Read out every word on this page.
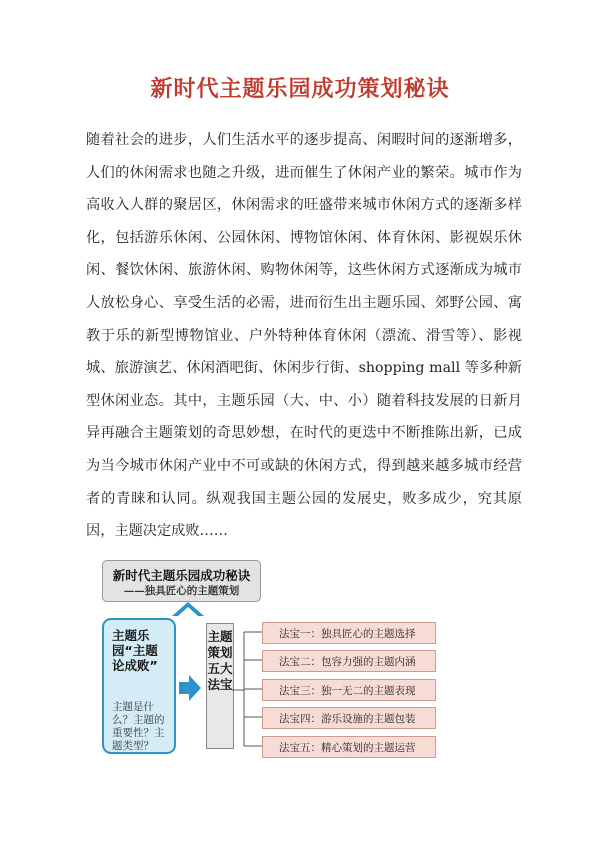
新时代主题乐园成功策划秘诀

随着社会的进步，人们生活水平的逐步提高、闲暇时间的逐渐增多，人们的休闲需求也随之升级，进而催生了休闲产业的繁荣。城市作为高收入人群的聚居区，休闲需求的旺盛带来城市休闲方式的逐渐多样化，包括游乐休闲、公园休闲、博物馆休闲、体育休闲、影视娱乐休闲、餐饮休闲、旅游休闲、购物休闲等，这些休闲方式逐渐成为城市人放松身心、享受生活的必需，进而衍生出主题乐园、郊野公园、寓教于乐的新型博物馆业、户外特种体育休闲（漂流、滑雪等）、影视城、旅游演艺、休闲酒吧街、休闲步行街、shopping mall 等多种新型休闲业态。其中，主题乐园（大、中、小）随着科技发展的日新月异再融合主题策划的奇思妙想，在时代的更迭中不断推陈出新，已成为当今城市休闲产业中不可或缺的休闲方式，得到越来越多城市经营者的青睐和认同。纵观我国主题公园的发展史，败多成少，究其原因，主题决定成败……

新时代主题乐园成功秘诀
——独具匠心的主题策划
主题乐园“主题论成败”
主题是什么？主题的重要性？主题类型？
主题策划五大法宝
法宝一：独具匠心的主题选择
法宝二：包容力强的主题内涵
法宝三：独一无二的主题表现
法宝四：游乐设施的主题包装
法宝五：精心策划的主题运营
